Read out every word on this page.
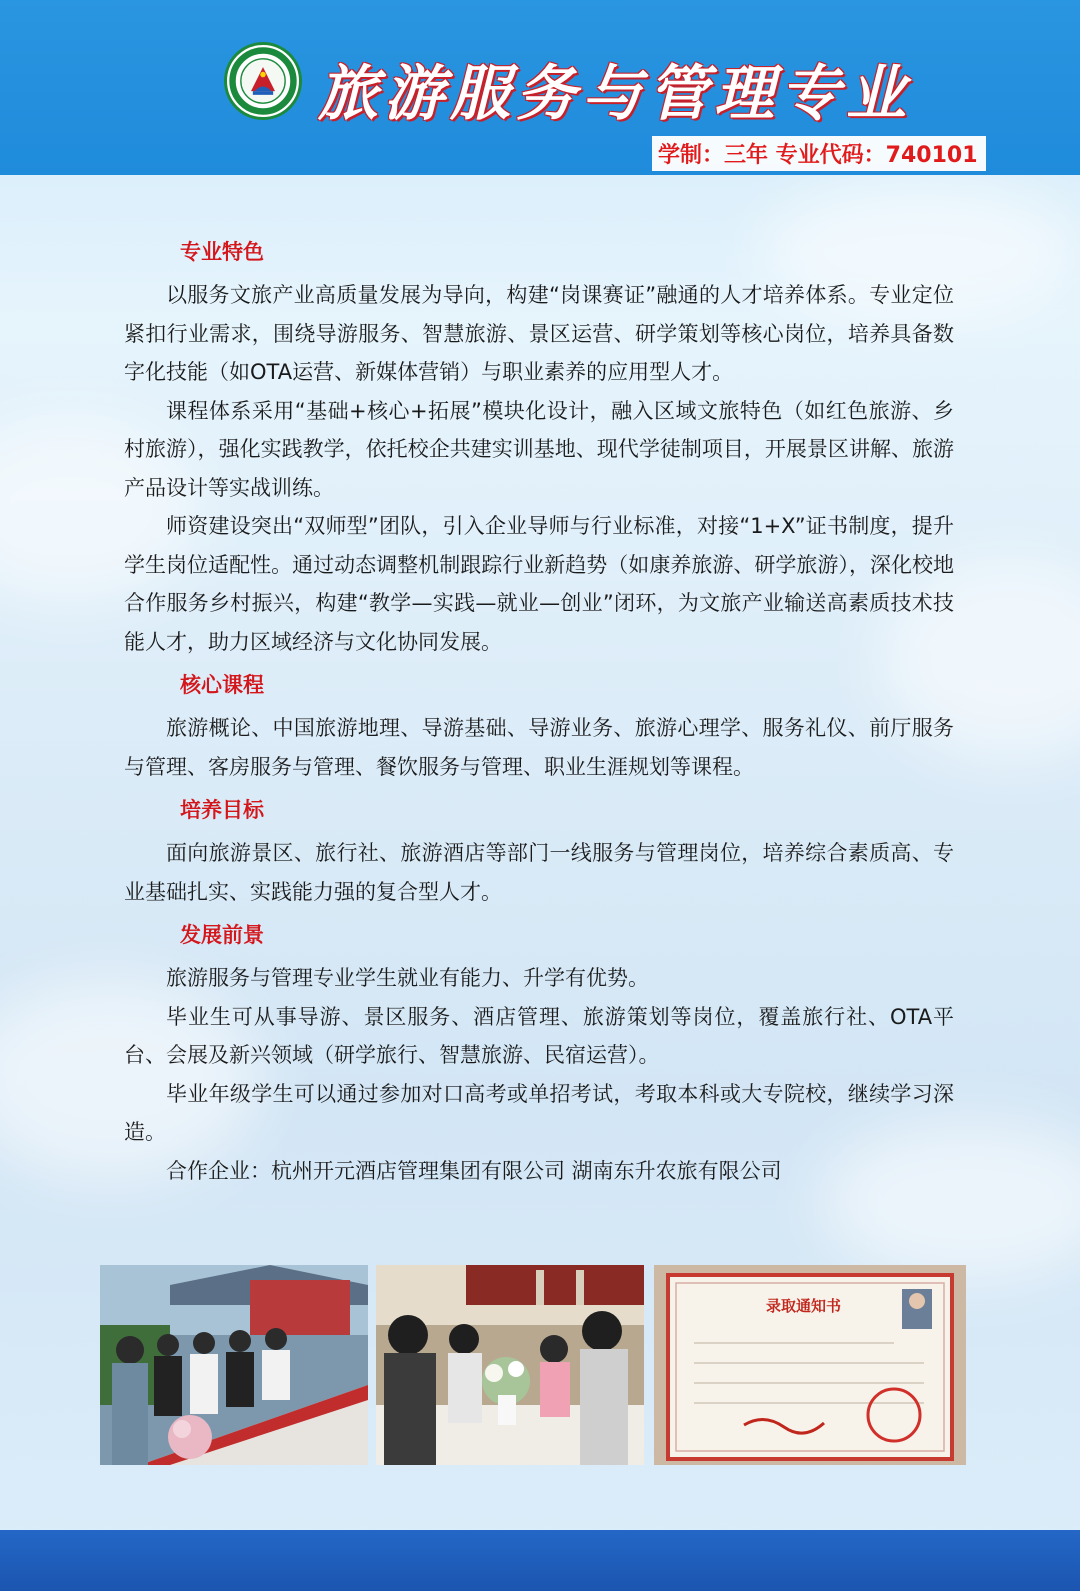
旅游服务与管理专业
学制：三年 专业代码：740101
专业特色

以服务文旅产业高质量发展为导向，构建“岗课赛证”融通的人才培养体系。专业定位紧扣行业需求，围绕导游服务、智慧旅游、景区运营、研学策划等核心岗位，培养具备数字化技能（如OTA运营、新媒体营销）与职业素养的应用型人才。

课程体系采用“基础+核心+拓展”模块化设计，融入区域文旅特色（如红色旅游、乡村旅游），强化实践教学，依托校企共建实训基地、现代学徒制项目，开展景区讲解、旅游产品设计等实战训练。

师资建设突出“双师型”团队，引入企业导师与行业标准，对接“1+X”证书制度，提升学生岗位适配性。通过动态调整机制跟踪行业新趋势（如康养旅游、研学旅游），深化校地合作服务乡村振兴，构建“教学—实践—就业—创业”闭环，为文旅产业输送高素质技术技能人才，助力区域经济与文化协同发展。

核心课程

旅游概论、中国旅游地理、导游基础、导游业务、旅游心理学、服务礼仪、前厅服务与管理、客房服务与管理、餐饮服务与管理、职业生涯规划等课程。

培养目标

面向旅游景区、旅行社、旅游酒店等部门一线服务与管理岗位，培养综合素质高、专业基础扎实、实践能力强的复合型人才。

发展前景

旅游服务与管理专业学生就业有能力、升学有优势。

毕业生可从事导游、景区服务、酒店管理、旅游策划等岗位，覆盖旅行社、OTA平台、会展及新兴领域（研学旅行、智慧旅游、民宿运营）。

毕业年级学生可以通过参加对口高考或单招考试，考取本科或大专院校，继续学习深造。

合作企业：杭州开元酒店管理集团有限公司 湖南东升农旅有限公司

录取通知书
